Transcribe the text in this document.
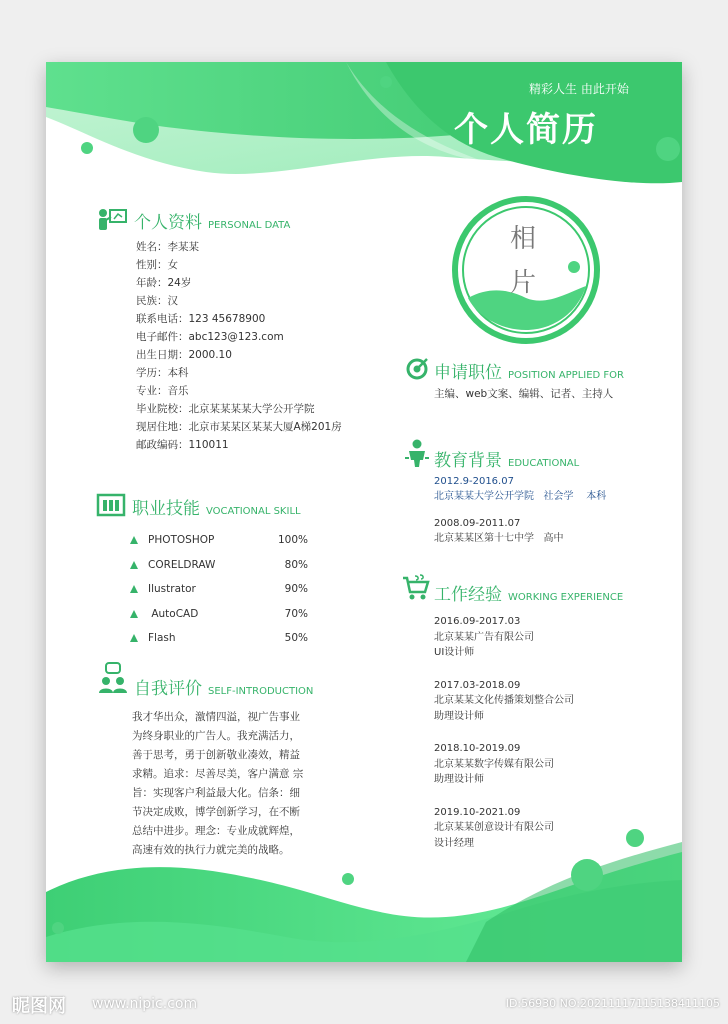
精彩人生 由此开始
个人简历
相
片
个人资料 PERSONAL DATA
姓名：李某某
性别：女
年龄：24岁
民族：汉
联系电话：123 45678900
电子邮件：abc123@123.com
出生日期：2000.10
学历：本科
专业：音乐
毕业院校：北京某某某某大学公开学院
现居住地：北京市某某区某某大厦A梯201房
邮政编码：110011
职业技能 VOCATIONAL SKILL
PHOTOSHOP	100%
CORELDRAW	80%
Ilustrator	90%
AutoCAD	70%
Flash	50%
自我评价 SELF-INTRODUCTION
我才华出众，激情四溢，视广告事业
为终身职业的广告人。我充满活力，
善于思考，勇于创新敬业凑效，精益
求精。追求：尽善尽美，客户满意 宗
旨：实现客户利益最大化。信条：细
节决定成败，博学创新学习，在不断
总结中进步。理念：专业成就辉煌，
高速有效的执行力就完美的战略。
申请职位 POSITION APPLIED FOR
主编、web文案、编辑、记者、主持人
教育背景 EDUCATIONAL
2012.9-2016.07
北京某某大学公开学院   社会学    本科
2008.09-2011.07
北京某某区第十七中学   高中
工作经验 WORKING EXPERIENCE
2016.09-2017.03
北京某某广告有限公司
UI设计师
2017.03-2018.09
北京某某文化传播策划整合公司
助理设计师
2018.10-2019.09
北京某某数字传媒有限公司
助理设计师
2019.10-2021.09
北京某某创意设计有限公司
设计经理
昵图网 www.nipic.com	ID:56930 NO:20211117115138411105
